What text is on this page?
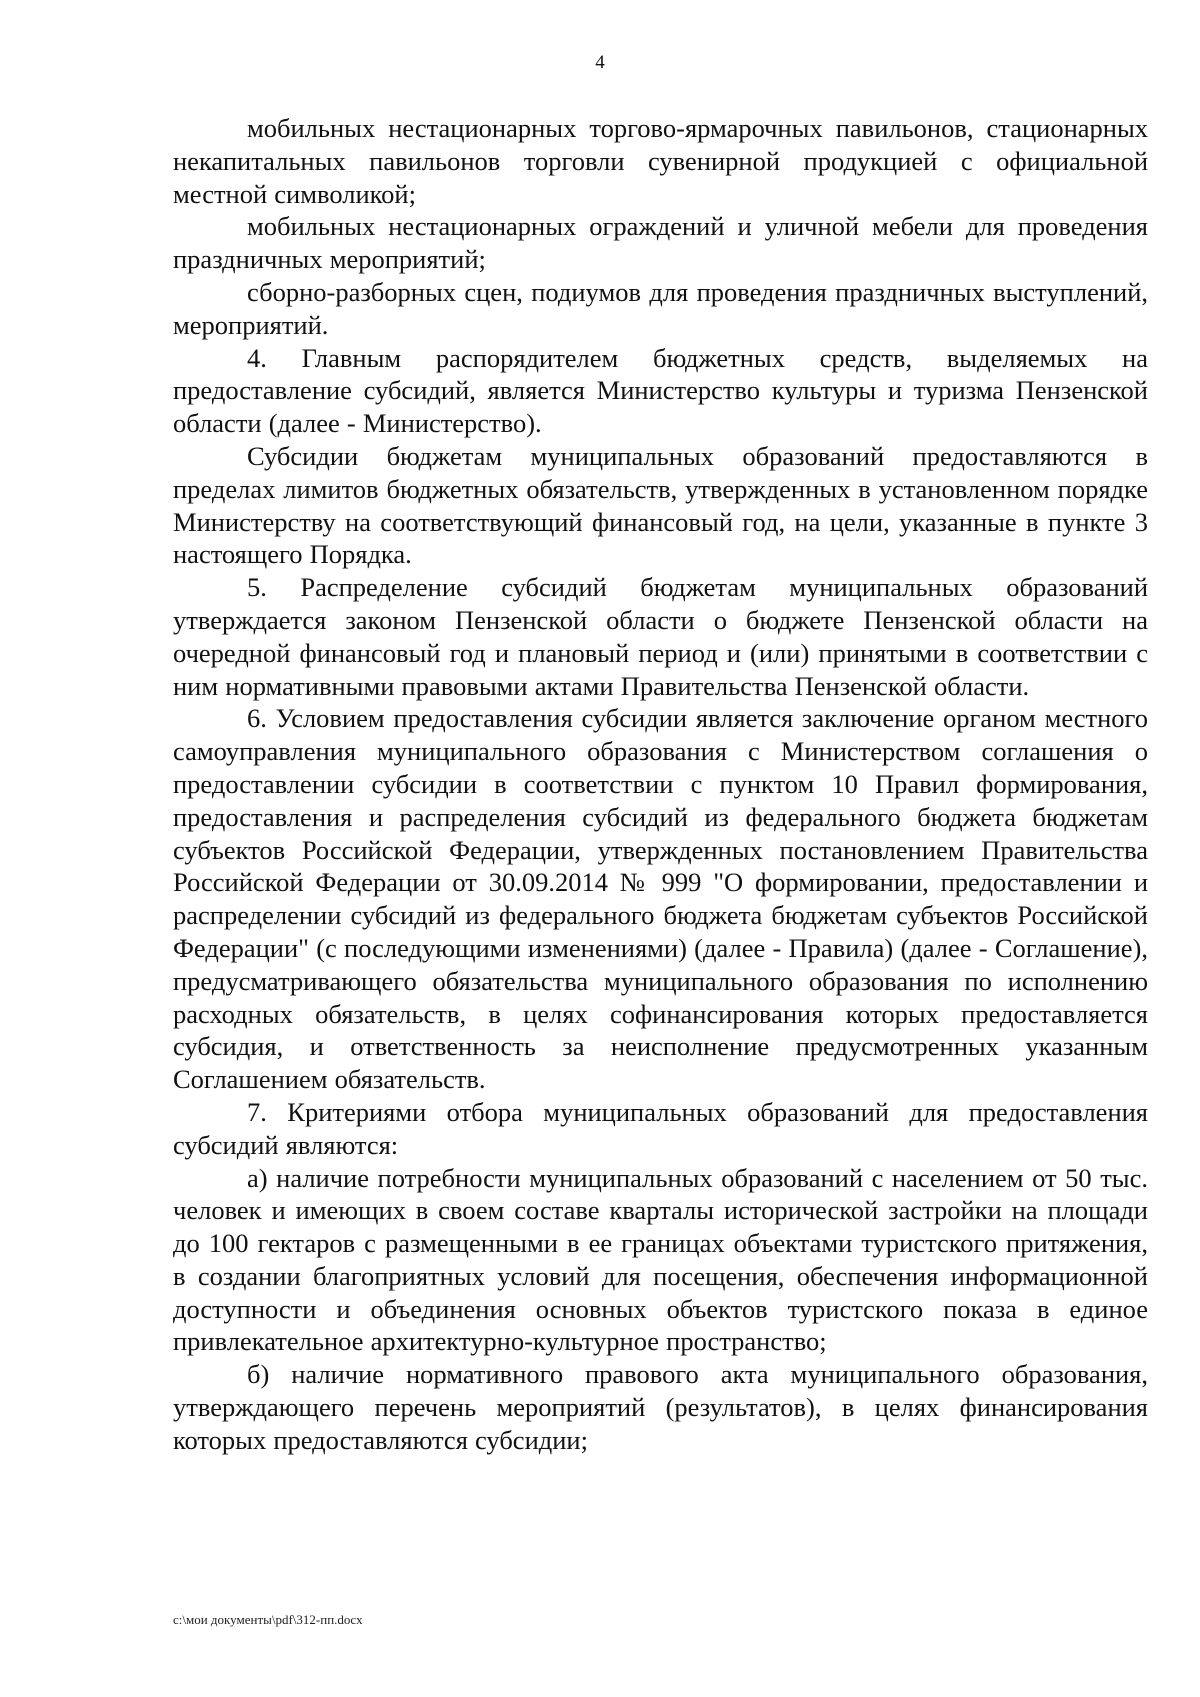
4

мобильных нестационарных торгово-ярмарочных павильонов, стационарных некапитальных павильонов торговли сувенирной продукцией с официальной местной символикой;

мобильных нестационарных ограждений и уличной мебели для проведения праздничных мероприятий;

сборно-разборных сцен, подиумов для проведения праздничных выступлений, мероприятий.

4. Главным распорядителем бюджетных средств, выделяемых на предоставление субсидий, является Министерство культуры и туризма Пензенской области (далее - Министерство).

Субсидии бюджетам муниципальных образований предоставляются в пределах лимитов бюджетных обязательств, утвержденных в установленном порядке Министерству на соответствующий финансовый год, на цели, указанные в пункте 3 настоящего Порядка.

5. Распределение субсидий бюджетам муниципальных образований утверждается законом Пензенской области о бюджете Пензенской области на очередной финансовый год и плановый период и (или) принятыми в соответствии с ним нормативными правовыми актами Правительства Пензенской области.

6. Условием предоставления субсидии является заключение органом местного самоуправления муниципального образования с Министерством соглашения о предоставлении субсидии в соответствии с пунктом 10 Правил формирования, предоставления и распределения субсидий из федерального бюджета бюджетам субъектов Российской Федерации, утвержденных постановлением Правительства Российской Федерации от 30.09.2014 № 999 "О формировании, предоставлении и распределении субсидий из федерального бюджета бюджетам субъектов Российской Федерации" (с последующими изменениями) (далее - Правила) (далее - Соглашение), предусматривающего обязательства муниципального образования по исполнению расходных обязательств, в целях софинансирования которых предоставляется субсидия, и ответственность за неисполнение предусмотренных указанным Соглашением обязательств.

7. Критериями отбора муниципальных образований для предоставления субсидий являются:

а) наличие потребности муниципальных образований с населением от 50 тыс. человек и имеющих в своем составе кварталы исторической застройки на площади до 100 гектаров с размещенными в ее границах объектами туристского притяжения, в создании благоприятных условий для посещения, обеспечения информационной доступности и объединения основных объектов туристского показа в единое привлекательное архитектурно-культурное пространство;

б) наличие нормативного правового акта муниципального образования, утверждающего перечень мероприятий (результатов), в целях финансирования которых предоставляются субсидии;

c:\мои документы\pdf\312-пп.docx
